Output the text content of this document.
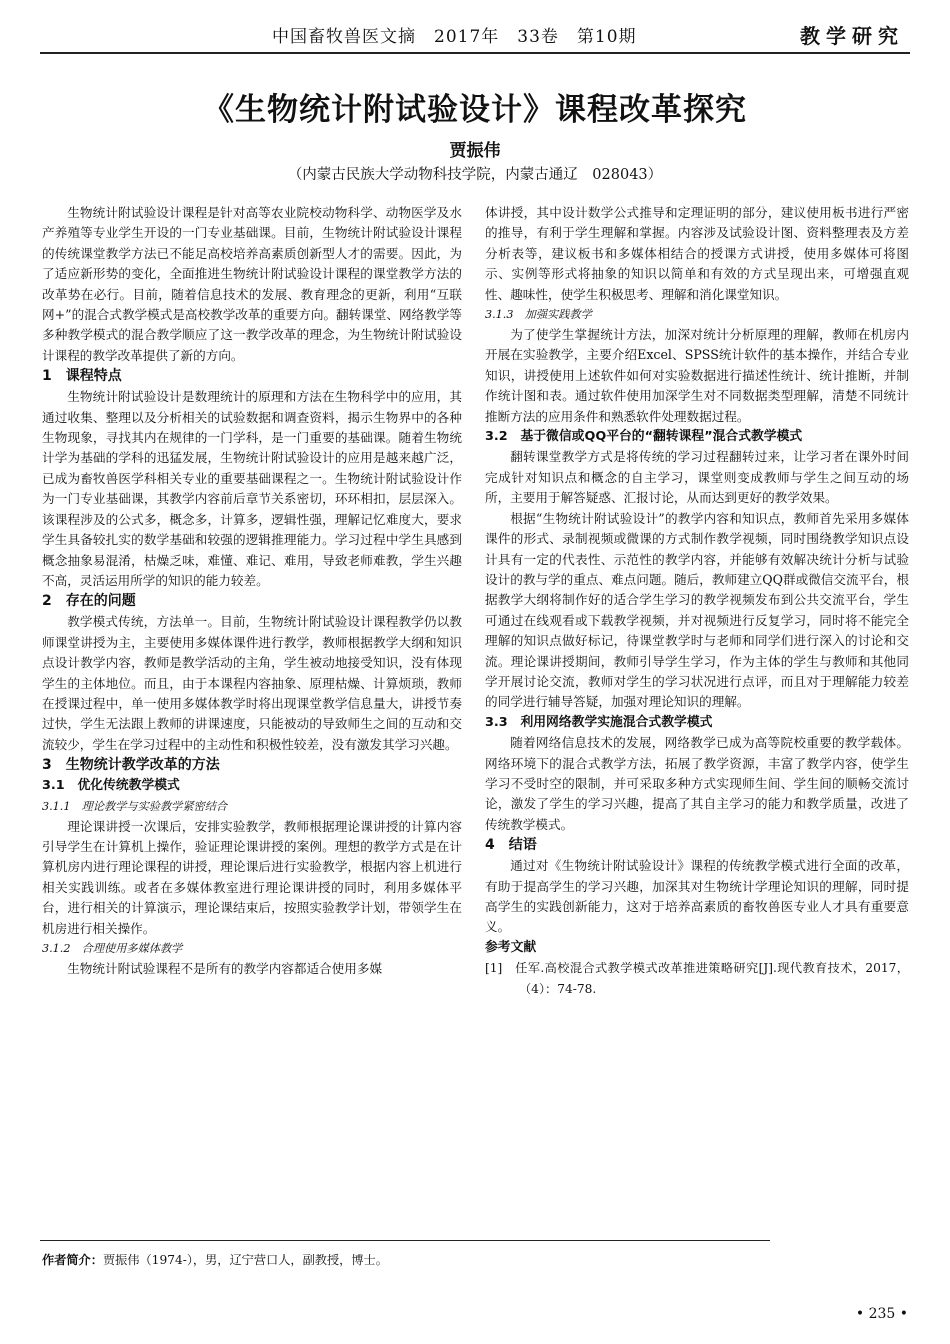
中国畜牧兽医文摘　2017年　33卷　第10期	教学研究
《生物统计附试验设计》课程改革探究
贾振伟
（内蒙古民族大学动物科技学院，内蒙古通辽　028043）

生物统计附试验设计课程是针对高等农业院校动物科学、动物医学及水产养殖等专业学生开设的一门专业基础课。目前，生物统计附试验设计课程的传统课堂教学方法已不能足高校培养高素质创新型人才的需要。因此，为了适应新形势的变化，全面推进生物统计附试验设计课程的课堂教学方法的改革势在必行。目前，随着信息技术的发展、教育理念的更新，利用“互联网+”的混合式教学模式是高校教学改革的重要方向。翻转课堂、网络教学等多种教学模式的混合教学顺应了这一教学改革的理念，为生物统计附试验设计课程的教学改革提供了新的方向。

1　课程特点

生物统计附试验设计是数理统计的原理和方法在生物科学中的应用，其通过收集、整理以及分析相关的试验数据和调查资料，揭示生物界中的各种生物现象，寻找其内在规律的一门学科，是一门重要的基础课。随着生物统计学为基础的学科的迅猛发展，生物统计附试验设计的应用是越来越广泛，已成为畜牧兽医学科相关专业的重要基础课程之一。生物统计附试验设计作为一门专业基础课，其教学内容前后章节关系密切，环环相扣，层层深入。该课程涉及的公式多，概念多，计算多，逻辑性强，理解记忆难度大，要求学生具备较扎实的数学基础和较强的逻辑推理能力。学习过程中学生具感到概念抽象易混淆，枯燥乏味，难懂、难记、难用，导致老师难教，学生兴趣不高，灵活运用所学的知识的能力较差。

2　存在的问题

教学模式传统，方法单一。目前，生物统计附试验设计课程教学仍以教师课堂讲授为主，主要使用多媒体课件进行教学，教师根据教学大纲和知识点设计教学内容，教师是教学活动的主角，学生被动地接受知识，没有体现学生的主体地位。而且，由于本课程内容抽象、原理枯燥、计算烦琐，教师在授课过程中，单一使用多媒体教学时将出现课堂教学信息量大，讲授节奏过快，学生无法跟上教师的讲课速度，只能被动的导致师生之间的互动和交流较少，学生在学习过程中的主动性和积极性较差，没有激发其学习兴趣。

3　生物统计教学改革的方法
3.1　优化传统教学模式
3.1.1　理论教学与实验教学紧密结合

理论课讲授一次课后，安排实验教学，教师根据理论课讲授的计算内容引导学生在计算机上操作，验证理论课讲授的案例。理想的教学方式是在计算机房内进行理论课程的讲授，理论课后进行实验教学，根据内容上机进行相关实践训练。或者在多媒体教室进行理论课讲授的同时，利用多媒体平台，进行相关的计算演示，理论课结束后，按照实验教学计划，带领学生在机房进行相关操作。

3.1.2　合理使用多媒体教学

生物统计附试验课程不是所有的教学内容都适合使用多媒

体讲授，其中设计数学公式推导和定理证明的部分，建议使用板书进行严密的推导，有利于学生理解和掌握。内容涉及试验设计图、资料整理表及方差分析表等，建议板书和多媒体相结合的授课方式讲授，使用多媒体可将图示、实例等形式将抽象的知识以简单和有效的方式呈现出来，可增强直观性、趣味性，使学生积极思考、理解和消化课堂知识。

3.1.3　加强实践教学

为了使学生掌握统计方法，加深对统计分析原理的理解，教师在机房内开展在实验教学，主要介绍Excel、SPSS统计软件的基本操作，并结合专业知识，讲授使用上述软件如何对实验数据进行描述性统计、统计推断，并制作统计图和表。通过软件使用加深学生对不同数据类型理解，清楚不同统计推断方法的应用条件和熟悉软件处理数据过程。

3.2　基于微信或QQ平台的“翻转课程”混合式教学模式

翻转课堂教学方式是将传统的学习过程翻转过来，让学习者在课外时间完成针对知识点和概念的自主学习，课堂则变成教师与学生之间互动的场所，主要用于解答疑惑、汇报讨论，从而达到更好的教学效果。

根据“生物统计附试验设计”的教学内容和知识点，教师首先采用多媒体课件的形式、录制视频或微课的方式制作教学视频，同时围绕教学知识点设计具有一定的代表性、示范性的教学内容，并能够有效解决统计分析与试验设计的教与学的重点、难点问题。随后，教师建立QQ群或微信交流平台，根据教学大纲将制作好的适合学生学习的教学视频发布到公共交流平台，学生可通过在线观看或下载教学视频，并对视频进行反复学习，同时将不能完全理解的知识点做好标记，待课堂教学时与老师和同学们进行深入的讨论和交流。理论课讲授期间，教师引导学生学习，作为主体的学生与教师和其他同学开展讨论交流，教师对学生的学习状况进行点评，而且对于理解能力较差的同学进行辅导答疑，加强对理论知识的理解。

3.3　利用网络教学实施混合式教学模式

随着网络信息技术的发展，网络教学已成为高等院校重要的教学载体。网络环境下的混合式教学方法，拓展了教学资源，丰富了教学内容，使学生学习不受时空的限制，并可采取多种方式实现师生间、学生间的顺畅交流讨论，激发了学生的学习兴趣，提高了其自主学习的能力和教学质量，改进了传统教学模式。

4　结语

通过对《生物统计附试验设计》课程的传统教学模式进行全面的改革，有助于提高学生的学习兴趣，加深其对生物统计学理论知识的理解，同时提高学生的实践创新能力，这对于培养高素质的畜牧兽医专业人才具有重要意义。

参考文献

[1]　任军.高校混合式教学模式改革推进策略研究[J].现代教育技术，2017，（4）：74-78.

作者简介：贾振伟（1974-），男，辽宁营口人，副教授，博士。
• 235 •
